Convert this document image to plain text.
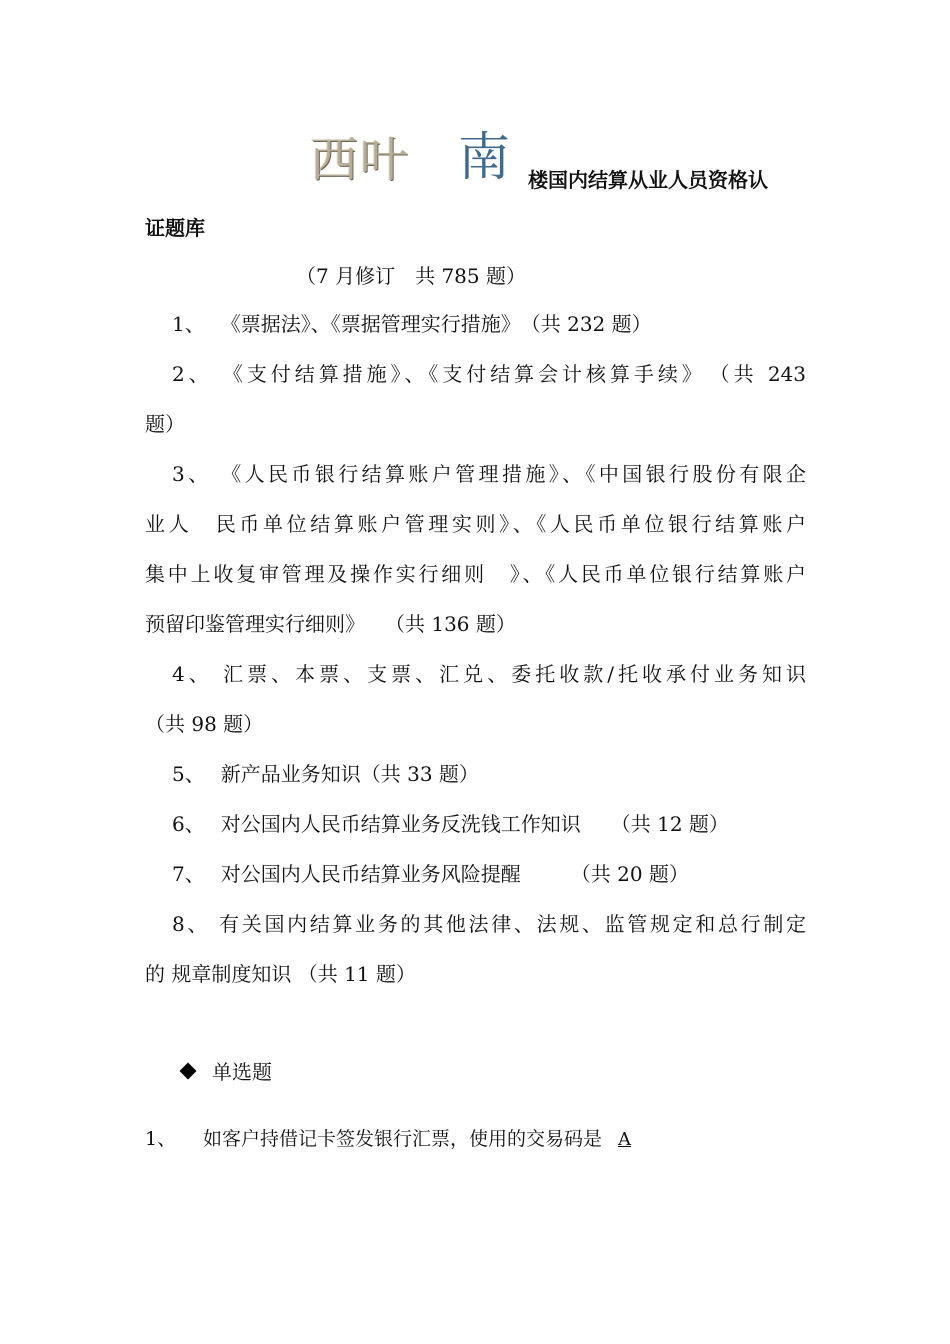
西叶 南 楼国内结算从业人员资格认
证题库
（7 月修订　共 785 题）
1、 《票据法》、《票据管理实行措施》　（共 232 题）
2、 《支付结算措施》、《支付结算会计核算手续》　（共 243
题）
3、 《人民币银行结算账户管理措施》、《中国银行股份有限企
业人　民币单位结算账户管理实则》、《人民币单位银行结算账户
集中上收复审管理及操作实行细则　》、《人民币单位银行结算账户
预留印鉴管理实行细则》　　（共 136 题）
4、 汇票、本票、支票、汇兑、委托收款/托收承付业务知识
（共 98 题）
5、 新产品业务知识（共 33 题）
6、 对公国内人民币结算业务反洗钱工作知识　　（共 12 题）
7、 对公国内人民币结算业务风险提醒　　　（共 20 题）
8、 有关国内结算业务的其他法律、法规、监管规定和总行制定
的 规章制度知识 （共 11 题）
单选题
1、 如客户持借记卡签发银行汇票，使用的交易码是 A
